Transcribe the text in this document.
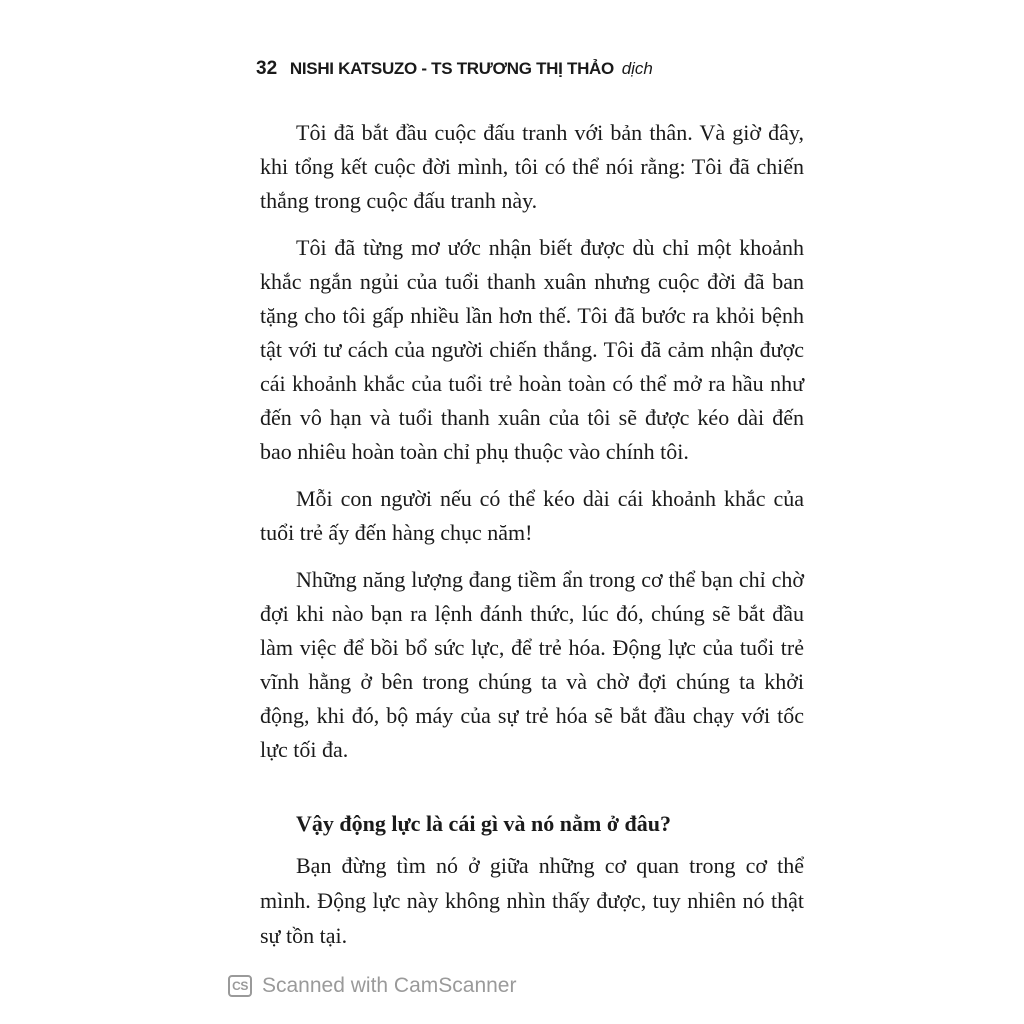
32 NISHI KATSUZO - TS TRƯƠNG THỊ THẢO dịch

Tôi đã bắt đầu cuộc đấu tranh với bản thân. Và giờ đây, khi tổng kết cuộc đời mình, tôi có thể nói rằng: Tôi đã chiến thắng trong cuộc đấu tranh này.

Tôi đã từng mơ ước nhận biết được dù chỉ một khoảnh khắc ngắn ngủi của tuổi thanh xuân nhưng cuộc đời đã ban tặng cho tôi gấp nhiều lần hơn thế. Tôi đã bước ra khỏi bệnh tật với tư cách của người chiến thắng. Tôi đã cảm nhận được cái khoảnh khắc của tuổi trẻ hoàn toàn có thể mở ra hầu như đến vô hạn và tuổi thanh xuân của tôi sẽ được kéo dài đến bao nhiêu hoàn toàn chỉ phụ thuộc vào chính tôi.

Mỗi con người nếu có thể kéo dài cái khoảnh khắc của tuổi trẻ ấy đến hàng chục năm!

Những năng lượng đang tiềm ẩn trong cơ thể bạn chỉ chờ đợi khi nào bạn ra lệnh đánh thức, lúc đó, chúng sẽ bắt đầu làm việc để bồi bổ sức lực, để trẻ hóa. Động lực của tuổi trẻ vĩnh hằng ở bên trong chúng ta và chờ đợi chúng ta khởi động, khi đó, bộ máy của sự trẻ hóa sẽ bắt đầu chạy với tốc lực tối đa.

Vậy động lực là cái gì và nó nằm ở đâu?

Bạn đừng tìm nó ở giữa những cơ quan trong cơ thể mình. Động lực này không nhìn thấy được, tuy nhiên nó thật sự tồn tại.

CS Scanned with CamScanner
